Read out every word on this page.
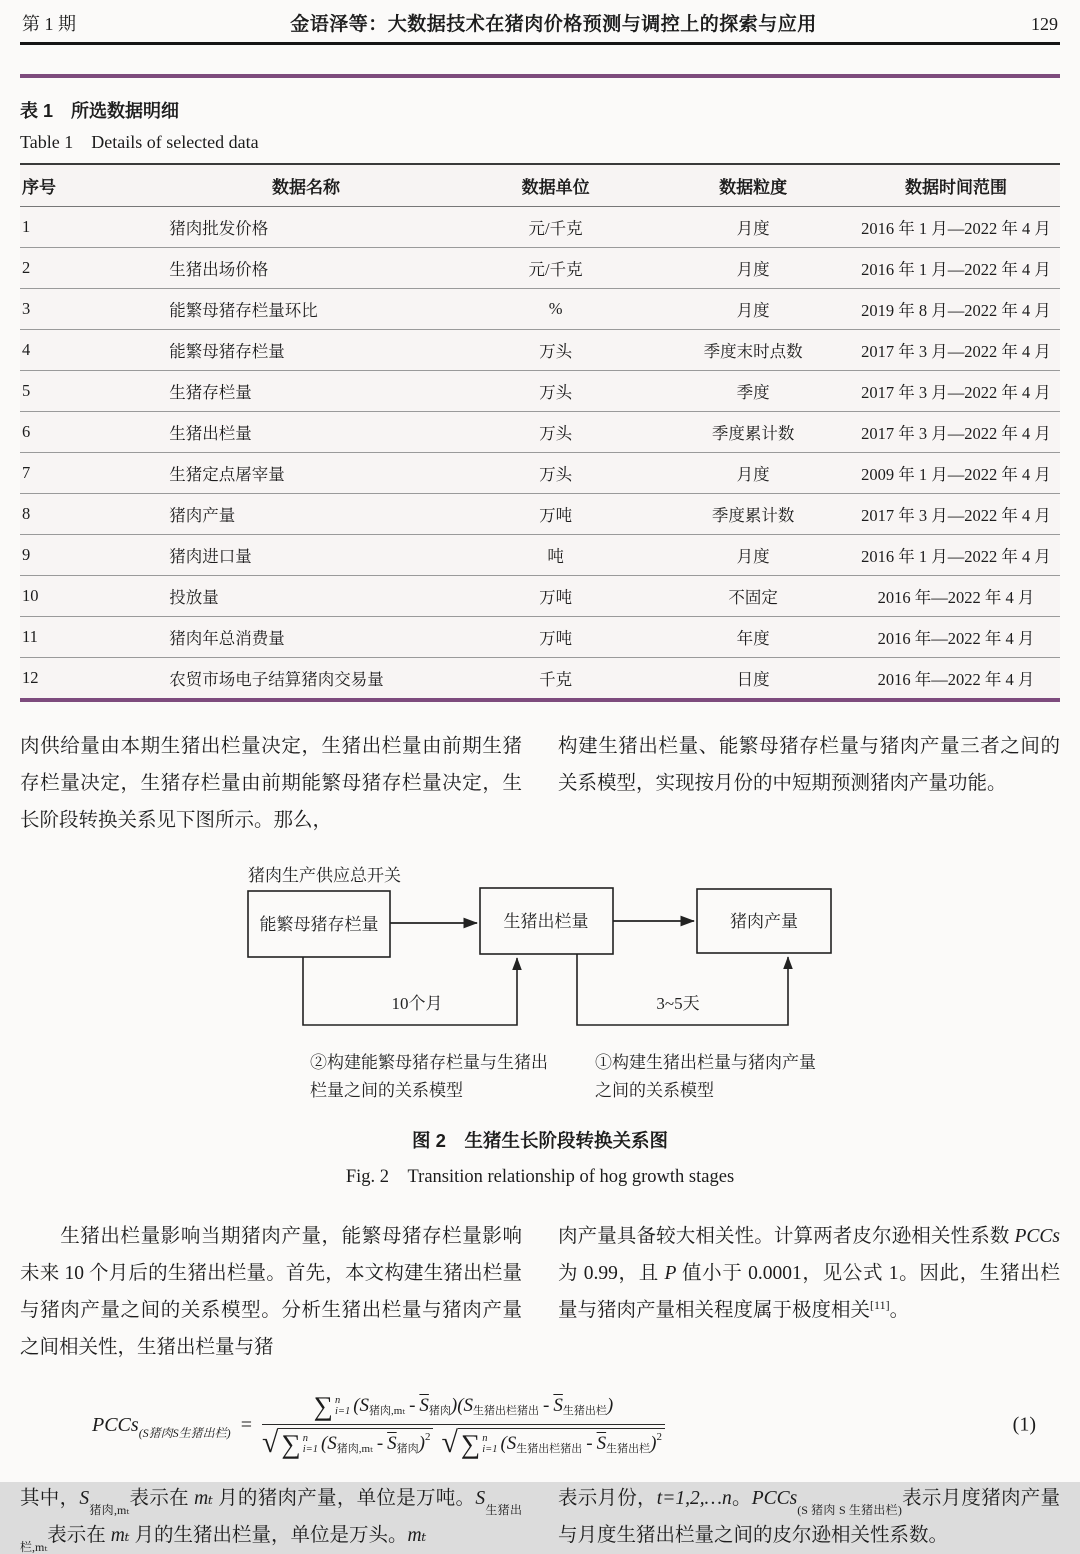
第 1 期	金语泽等：大数据技术在猪肉价格预测与调控上的探索与应用	129
表 1　所选数据明细
Table 1　Details of selected data
序号	数据名称	数据单位	数据粒度	数据时间范围
1	猪肉批发价格	元/千克	月度	2016 年 1 月—2022 年 4 月
2	生猪出场价格	元/千克	月度	2016 年 1 月—2022 年 4 月
3	能繁母猪存栏量环比	%	月度	2019 年 8 月—2022 年 4 月
4	能繁母猪存栏量	万头	季度末时点数	2017 年 3 月—2022 年 4 月
5	生猪存栏量	万头	季度	2017 年 3 月—2022 年 4 月
6	生猪出栏量	万头	季度累计数	2017 年 3 月—2022 年 4 月
7	生猪定点屠宰量	万头	月度	2009 年 1 月—2022 年 4 月
8	猪肉产量	万吨	季度累计数	2017 年 3 月—2022 年 4 月
9	猪肉进口量	吨	月度	2016 年 1 月—2022 年 4 月
10	投放量	万吨	不固定	2016 年—2022 年 4 月
11	猪肉年总消费量	万吨	年度	2016 年—2022 年 4 月
12	农贸市场电子结算猪肉交易量	千克	日度	2016 年—2022 年 4 月

肉供给量由本期生猪出栏量决定，生猪出栏量由前期生猪存栏量决定，生猪存栏量由前期能繁母猪存栏量决定，生长阶段转换关系见下图所示。那么，

构建生猪出栏量、能繁母猪存栏量与猪肉产量三者之间的关系模型，实现按月份的中短期预测猪肉产量功能。

猪肉生产供应总开关
能繁母猪存栏量	生猪出栏量	猪肉产量
10个月	3~5天
②构建能繁母猪存栏量与生猪出
栏量之间的关系模型
①构建生猪出栏量与猪肉产量
之间的关系模型
图 2　生猪生长阶段转换关系图
Fig. 2　Transition relationship of hog growth stages

　　生猪出栏量影响当期猪肉产量，能繁母猪存栏量影响未来 10 个月后的生猪出栏量。首先，本文构建生猪出栏量与猪肉产量之间的关系模型。分析生猪出栏量与猪肉产量之间相关性，生猪出栏量与猪

肉产量具备较大相关性。计算两者皮尔逊相关性系数 PCCs 为 0.99，且 P 值小于 0.0001，见公式 1。因此，生猪出栏量与猪肉产量相关程度属于极度相关[11]。

PCCs$_{(S猪肉S生猪出栏)}$ =
∑ n
i=1 ($S_{猪肉,m_t} - \overline{S}_{猪肉}$ )($S_{生猪出栏猪出} - \overline{S}_{生猪出栏}$ )
√ ∑ n
i=1 ($S_{猪肉,m_t} - \overline{S}_{猪肉}$ )$^2$ √ ∑ n
i=1 ($S_{生猪出栏猪出} - \overline{S}_{生猪出栏}$ )$^2$
(1)

其中，$S_{猪肉,m_t}$表示在 mₜ 月的猪肉产量，单位是万吨。$S_{生猪出栏,m_t}$表示在 mₜ 月的生猪出栏量，单位是万头。mₜ

表示月份，t=1,2,…n。PCCs$_{(S 猪肉 S 生猪出栏)}$表示月度猪肉产量与月度生猪出栏量之间的皮尔逊相关性系数。
